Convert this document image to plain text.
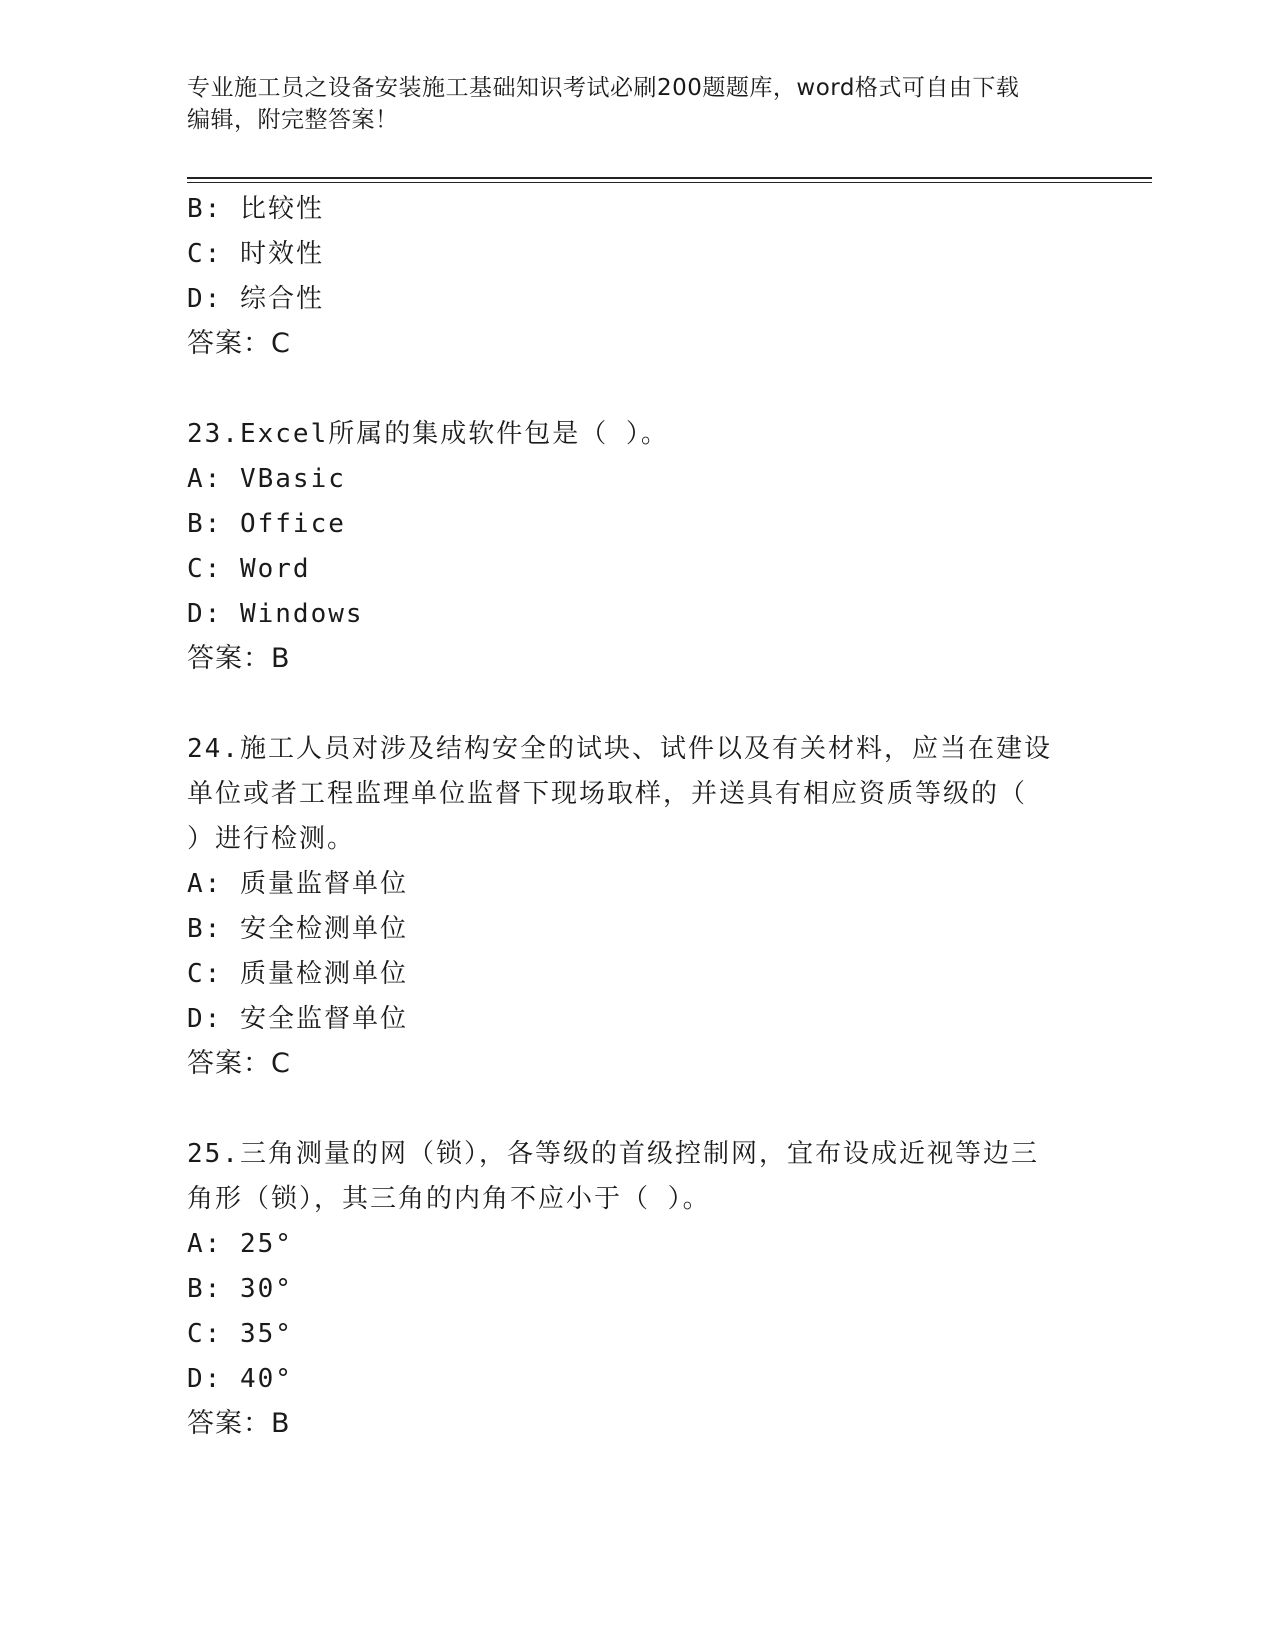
专业施工员之设备安装施工基础知识考试必刷200题题库，word格式可自由下载
编辑，附完整答案！
B: 比较性
C: 时效性
D: 综合性
答案：C
23.Excel所属的集成软件包是（ ）。
A: VBasic
B: Office
C: Word
D: Windows
答案：B
24.施工人员对涉及结构安全的试块、试件以及有关材料，应当在建设
单位或者工程监理单位监督下现场取样，并送具有相应资质等级的（
）进行检测。
A: 质量监督单位
B: 安全检测单位
C: 质量检测单位
D: 安全监督单位
答案：C
25.三角测量的网（锁），各等级的首级控制网，宜布设成近视等边三
角形（锁），其三角的内角不应小于（ ）。
A: 25°
B: 30°
C: 35°
D: 40°
答案：B
